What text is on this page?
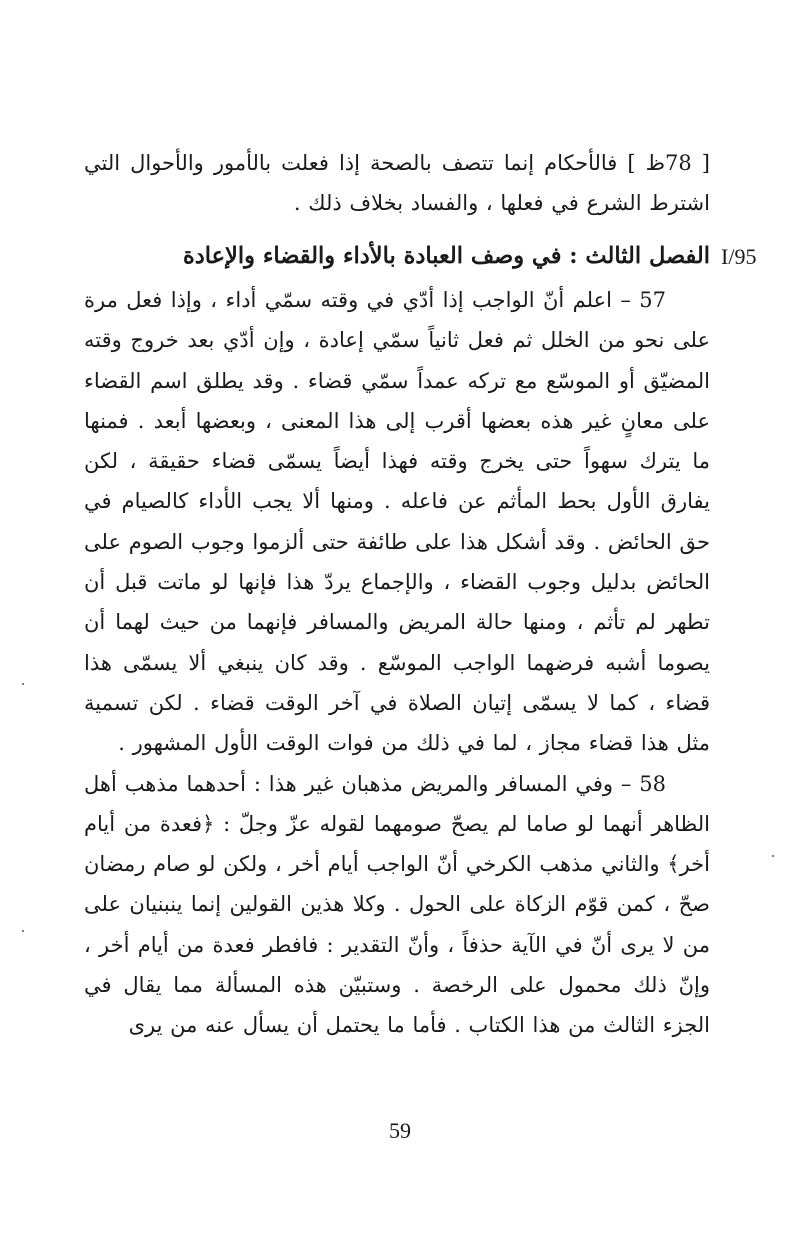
[ 78ظ ] فالأحكام إنما تتصف بالصحة إذا فعلت بالأمور والأحوال التي اشترط الشرع في فعلها ، والفساد بخلاف ذلك .
I/95
الفصل الثالث : في وصف العبادة بالأداء والقضاء والإعادة

57 – اعلم أنّ الواجب إذا أدّي في وقته سمّي أداء ، وإذا فعل مرة على نحو من الخلل ثم فعل ثانياً سمّي إعادة ، وإن أدّي بعد خروج وقته المضيّق أو الموسّع مع تركه عمداً سمّي قضاء . وقد يطلق اسم القضاء على معانٍ غير هذه بعضها أقرب إلى هذا المعنى ، وبعضها أبعد . فمنها ما يترك سهواً حتى يخرج وقته فهذا أيضاً يسمّى قضاء حقيقة ، لكن يفارق الأول بحط المأثم عن فاعله . ومنها ألا يجب الأداء كالصيام في حق الحائض . وقد أشكل هذا على طائفة حتى ألزموا وجوب الصوم على الحائض بدليل وجوب القضاء ، والإجماع يردّ هذا فإنها لو ماتت قبل أن تطهر لم تأثم ، ومنها حالة المريض والمسافر فإنهما من حيث لهما أن يصوما أشبه فرضهما الواجب الموسّع . وقد كان ينبغي ألا يسمّى هذا قضاء ، كما لا يسمّى إتيان الصلاة في آخر الوقت قضاء . لكن تسمية مثل هذا قضاء مجاز ، لما في ذلك من فوات الوقت الأول المشهور .

58 – وفي المسافر والمريض مذهبان غير هذا : أحدهما مذهب أهل الظاهر أنهما لو صاما لم يصحّ صومهما لقوله عزّ وجلّ : ﴿فعدة من أيام أخر﴾ والثاني مذهب الكرخي أنّ الواجب أيام أخر ، ولكن لو صام رمضان صحّ ، كمن قوّم الزكاة على الحول . وكلا هذين القولين إنما ينبنيان على من لا يرى أنّ في الآية حذفاً ، وأنّ التقدير : فافطر فعدة من أيام أخر ، وإنّ ذلك محمول على الرخصة . وستبيّن هذه المسألة مما يقال في الجزء الثالث من هذا الكتاب . فأما ما يحتمل أن يسأل عنه من يرى

59
